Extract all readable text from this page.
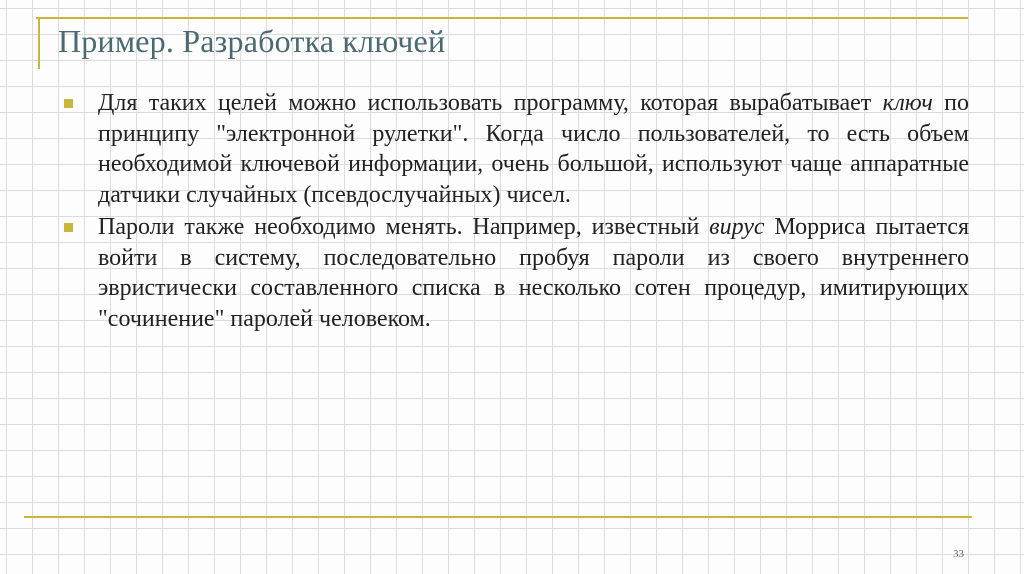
Пример. Разработка ключей
Для таких целей можно использовать программу, которая вырабатывает ключ по принципу "электронной рулетки". Когда число пользователей, то есть объем необходимой ключевой информации, очень большой, используют чаще аппаратные датчики случайных (псевдослучайных) чисел.
Пароли также необходимо менять. Например, известный вирус Морриса пытается войти в систему, последовательно пробуя пароли из своего внутреннего эвристически составленного списка в несколько сотен процедур, имитирующих "сочинение" паролей человеком.
33
